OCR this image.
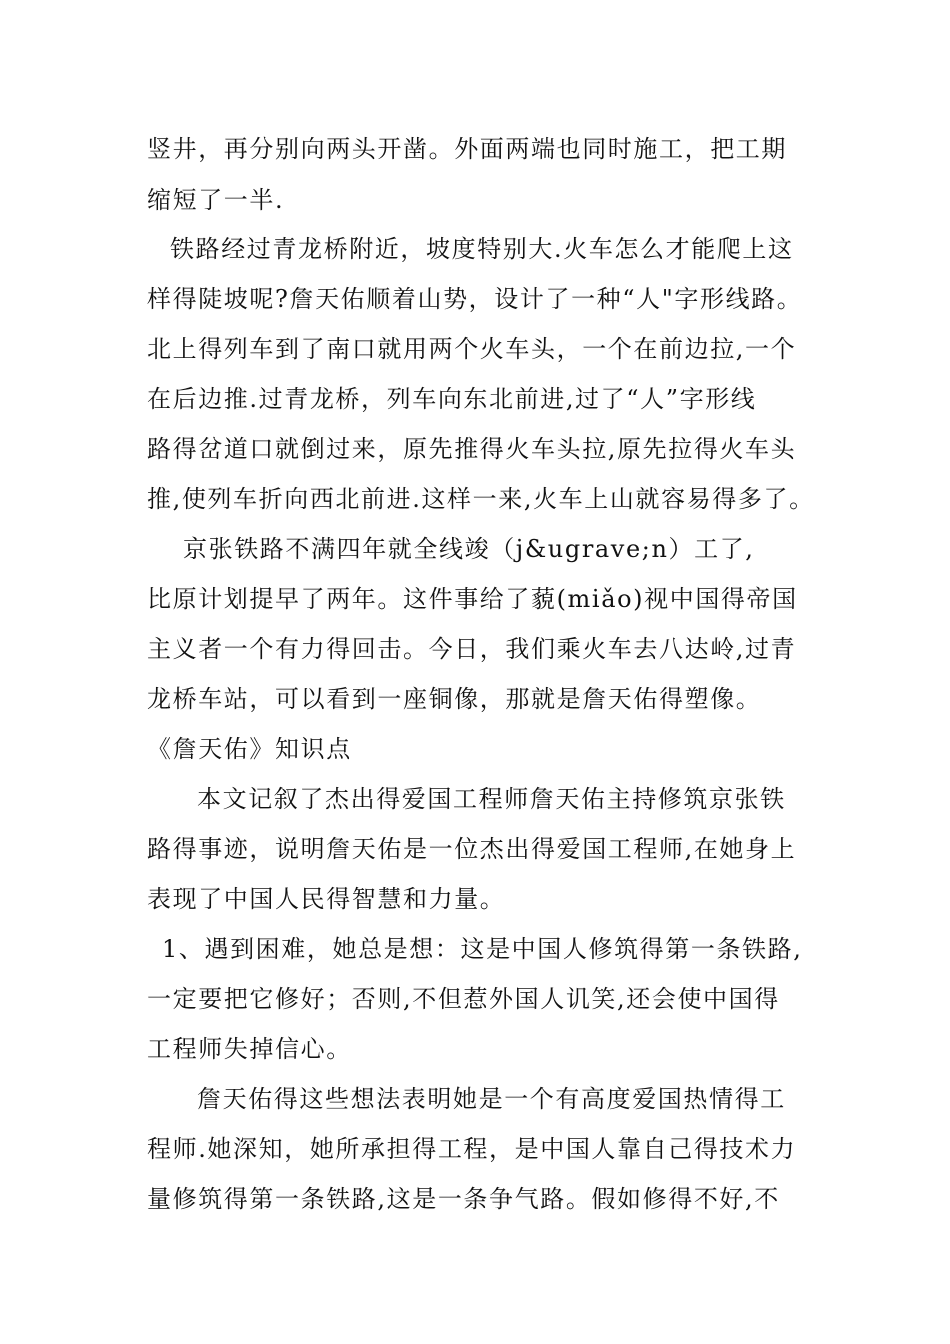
竖井，再分别向两头开凿。外面两端也同时施工，把工期
缩短了一半.
铁路经过青龙桥附近，坡度特别大.火车怎么才能爬上这
样得陡坡呢?詹天佑顺着山势，设计了一种“人"字形线路。
北上得列车到了南口就用两个火车头，一个在前边拉,一个
在后边推.过青龙桥，列车向东北前进,过了“人”字形线
路得岔道口就倒过来，原先推得火车头拉,原先拉得火车头
推,使列车折向西北前进.这样一来,火车上山就容易得多了。
京张铁路不满四年就全线竣（j&ugrave;n）工了,
比原计划提早了两年。这件事给了藐(miǎo)视中国得帝国
主义者一个有力得回击。今日，我们乘火车去八达岭,过青
龙桥车站，可以看到一座铜像，那就是詹天佑得塑像。
《詹天佑》知识点
本文记叙了杰出得爱国工程师詹天佑主持修筑京张铁
路得事迹，说明詹天佑是一位杰出得爱国工程师,在她身上
表现了中国人民得智慧和力量。
1、遇到困难，她总是想：这是中国人修筑得第一条铁路,
一定要把它修好；否则,不但惹外国人讥笑,还会使中国得
工程师失掉信心。
詹天佑得这些想法表明她是一个有高度爱国热情得工
程师.她深知，她所承担得工程，是中国人靠自己得技术力
量修筑得第一条铁路,这是一条争气路。假如修得不好,不
